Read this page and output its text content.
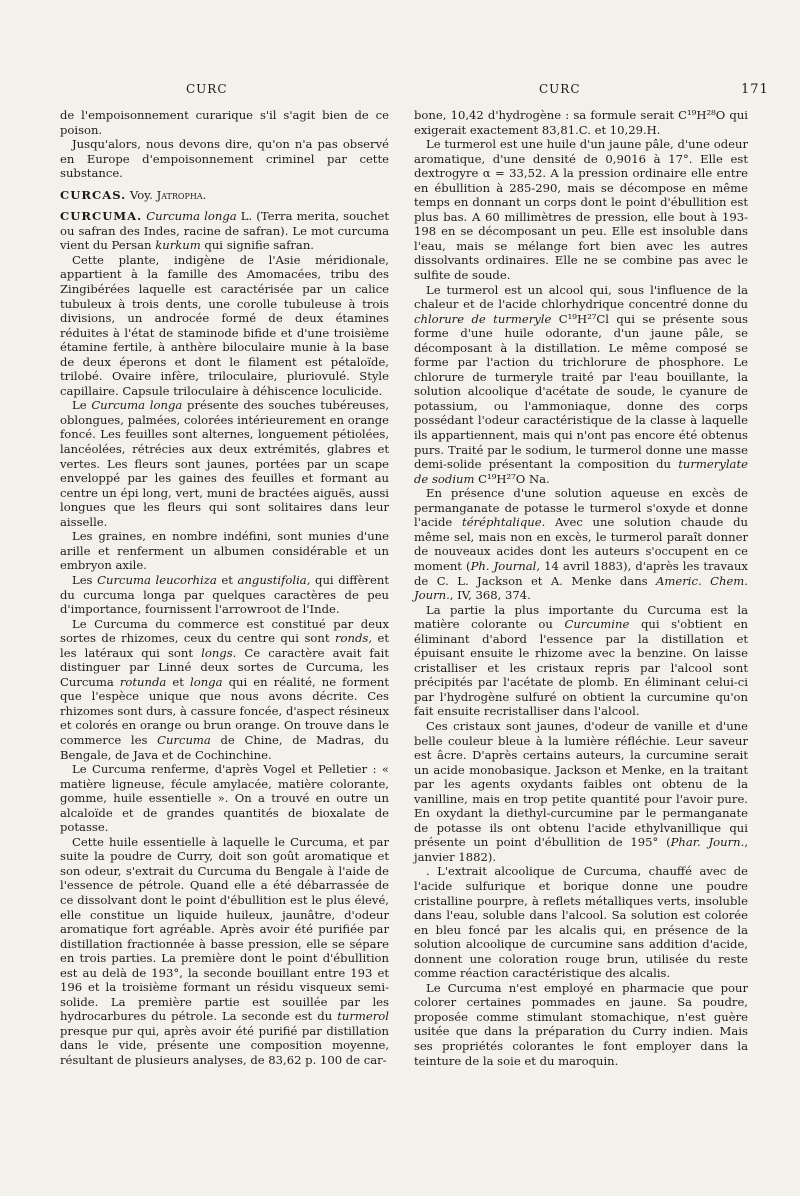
CURC	CURC	171

de l'empoisonnement curarique s'il s'agit bien de ce poison.

Jusqu'alors, nous devons dire, qu'on n'a pas observé en Europe d'empoisonnement criminel par cette substance.

CURCAS. Voy. Jatropha.

CURCUMA. Curcuma longa L. (Terra merita, souchet ou safran des Indes, racine de safran). Le mot curcuma vient du Persan kurkum qui signifie safran.

Cette plante, indigène de l'Asie méridionale, appartient à la famille des Amomacées, tribu des Zingibérées laquelle est caractérisée par un calice tubuleux à trois dents, une corolle tubuleuse à trois divisions, un androcée formé de deux étamines réduites à l'état de staminode bifide et d'une troisième étamine fertile, à anthère biloculaire munie à la base de deux éperons et dont le filament est pétaloïde, trilobé. Ovaire infère, triloculaire, pluriovulé. Style capillaire. Capsule triloculaire à déhiscence loculicide.

Le Curcuma longa présente des souches tubéreuses, oblongues, palmées, colorées intérieurement en orange foncé. Les feuilles sont alternes, longuement pétiolées, lancéolées, rétrécies aux deux extrémités, glabres et vertes. Les fleurs sont jaunes, portées par un scape enveloppé par les gaines des feuilles et formant au centre un épi long, vert, muni de bractées aiguës, aussi longues que les fleurs qui sont solitaires dans leur aisselle.

Les graines, en nombre indéfini, sont munies d'une arille et renferment un albumen considérable et un embryon axile.

Les Curcuma leucorhiza et angustifolia, qui diffèrent du curcuma longa par quelques caractères de peu d'importance, fournissent l'arrowroot de l'Inde.

Le Curcuma du commerce est constitué par deux sortes de rhizomes, ceux du centre qui sont ronds, et les latéraux qui sont longs. Ce caractère avait fait distinguer par Linné deux sortes de Curcuma, les Curcuma rotunda et longa qui en réalité, ne forment que l'espèce unique que nous avons décrite. Ces rhizomes sont durs, à cassure foncée, d'aspect résineux et colorés en orange ou brun orange. On trouve dans le commerce les Curcuma de Chine, de Madras, du Bengale, de Java et de Cochinchine.

Le Curcuma renferme, d'après Vogel et Pelletier : « matière ligneuse, fécule amylacée, matière colorante, gomme, huile essentielle ». On a trouvé en outre un alcaloïde et de grandes quantités de bioxalate de potasse.

Cette huile essentielle à laquelle le Curcuma, et par suite la poudre de Curry, doit son goût aromatique et son odeur, s'extrait du Curcuma du Bengale à l'aide de l'essence de pétrole. Quand elle a été débarrassée de ce dissolvant dont le point d'ébullition est le plus élevé, elle constitue un liquide huileux, jaunâtre, d'odeur aromatique fort agréable. Après avoir été purifiée par distillation fractionnée à basse pression, elle se sépare en trois parties. La première dont le point d'ébullition est au delà de 193°, la seconde bouillant entre 193 et 196 et la troisième formant un résidu visqueux semi-solide. La première partie est souillée par les hydrocarbures du pétrole. La seconde est du turmerol presque pur qui, après avoir été purifié par distillation dans le vide, présente une composition moyenne, résultant de plusieurs analyses, de 83,62 p. 100 de car-

bone, 10,42 d'hydrogène : sa formule serait C¹⁹H²⁸O qui exigerait exactement 83,81.C. et 10,29.H.

Le turmerol est une huile d'un jaune pâle, d'une odeur aromatique, d'une densité de 0,9016 à 17°. Elle est dextrogyre α = 33,52. A la pression ordinaire elle entre en ébullition à 285-290, mais se décompose en même temps en donnant un corps dont le point d'ébullition est plus bas. A 60 millimètres de pression, elle bout à 193-198 en se décomposant un peu. Elle est insoluble dans l'eau, mais se mélange fort bien avec les autres dissolvants ordinaires. Elle ne se combine pas avec le sulfite de soude.

Le turmerol est un alcool qui, sous l'influence de la chaleur et de l'acide chlorhydrique concentré donne du chlorure de turmeryle C¹⁹H²⁷Cl qui se présente sous forme d'une huile odorante, d'un jaune pâle, se décomposant à la distillation. Le même composé se forme par l'action du trichlorure de phosphore. Le chlorure de turmeryle traité par l'eau bouillante, la solution alcoolique d'acétate de soude, le cyanure de potassium, ou l'ammoniaque, donne des corps possédant l'odeur caractéristique de la classe à laquelle ils appartiennent, mais qui n'ont pas encore été obtenus purs. Traité par le sodium, le turmerol donne une masse demi-solide présentant la composition du turmerylate de sodium C¹⁹H²⁷O Na.

En présence d'une solution aqueuse en excès de permanganate de potasse le turmerol s'oxyde et donne l'acide téréphtalique. Avec une solution chaude du même sel, mais non en excès, le turmerol paraît donner de nouveaux acides dont les auteurs s'occupent en ce moment (Ph. Journal, 14 avril 1883), d'après les travaux de C. L. Jackson et A. Menke dans Americ. Chem. Journ., IV, 368, 374.

La partie la plus importante du Curcuma est la matière colorante ou Curcumine qui s'obtient en éliminant d'abord l'essence par la distillation et épuisant ensuite le rhizome avec la benzine. On laisse cristalliser et les cristaux repris par l'alcool sont précipités par l'acétate de plomb. En éliminant celui-ci par l'hydrogène sulfuré on obtient la curcumine qu'on fait ensuite recristalliser dans l'alcool.

Ces cristaux sont jaunes, d'odeur de vanille et d'une belle couleur bleue à la lumière réfléchie. Leur saveur est âcre. D'après certains auteurs, la curcumine serait un acide monobasique. Jackson et Menke, en la traitant par les agents oxydants faibles ont obtenu de la vanilline, mais en trop petite quantité pour l'avoir pure. En oxydant la diethyl-curcumine par le permanganate de potasse ils ont obtenu l'acide ethylvanillique qui présente un point d'ébullition de 195° (Phar. Journ., janvier 1882).

. L'extrait alcoolique de Curcuma, chauffé avec de l'acide sulfurique et borique donne une poudre cristalline pourpre, à reflets métalliques verts, insoluble dans l'eau, soluble dans l'alcool. Sa solution est colorée en bleu foncé par les alcalis qui, en présence de la solution alcoolique de curcumine sans addition d'acide, donnent une coloration rouge brun, utilisée du reste comme réaction caractéristique des alcalis.

Le Curcuma n'est employé en pharmacie que pour colorer certaines pommades en jaune. Sa poudre, proposée comme stimulant stomachique, n'est guère usitée que dans la préparation du Curry indien. Mais ses propriétés colorantes le font employer dans la teinture de la soie et du maroquin.
